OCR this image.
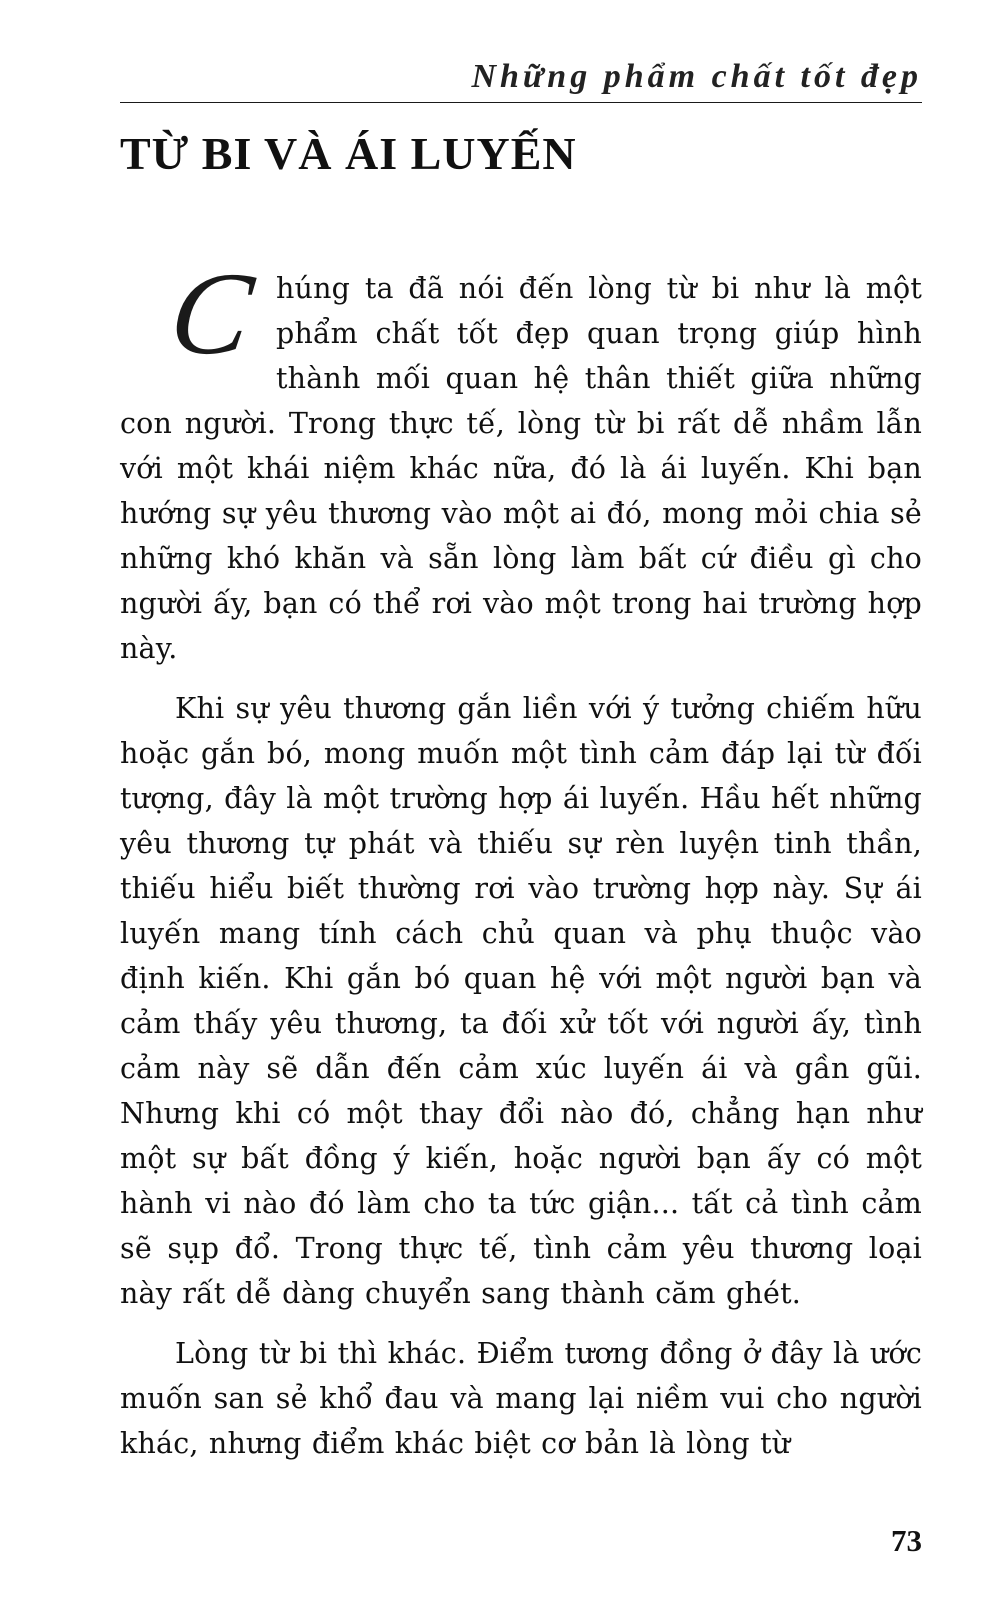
Những phẩm chất tốt đẹp
TỪ BI VÀ ÁI LUYẾN

Chúng ta đã nói đến lòng từ bi như là một phẩm chất tốt đẹp quan trọng giúp hình thành mối quan hệ thân thiết giữa những con người. Trong thực tế, lòng từ bi rất dễ nhầm lẫn với một khái niệm khác nữa, đó là ái luyến. Khi bạn hướng sự yêu thương vào một ai đó, mong mỏi chia sẻ những khó khăn và sẵn lòng làm bất cứ điều gì cho người ấy, bạn có thể rơi vào một trong hai trường hợp này.

Khi sự yêu thương gắn liền với ý tưởng chiếm hữu hoặc gắn bó, mong muốn một tình cảm đáp lại từ đối tượng, đây là một trường hợp ái luyến. Hầu hết những yêu thương tự phát và thiếu sự rèn luyện tinh thần, thiếu hiểu biết thường rơi vào trường hợp này. Sự ái luyến mang tính cách chủ quan và phụ thuộc vào định kiến. Khi gắn bó quan hệ với một người bạn và cảm thấy yêu thương, ta đối xử tốt với người ấy, tình cảm này sẽ dẫn đến cảm xúc luyến ái và gần gũi. Nhưng khi có một thay đổi nào đó, chẳng hạn như một sự bất đồng ý kiến, hoặc người bạn ấy có một hành vi nào đó làm cho ta tức giận... tất cả tình cảm sẽ sụp đổ. Trong thực tế, tình cảm yêu thương loại này rất dễ dàng chuyển sang thành căm ghét.

Lòng từ bi thì khác. Điểm tương đồng ở đây là ước muốn san sẻ khổ đau và mang lại niềm vui cho người khác, nhưng điểm khác biệt cơ bản là lòng từ

73
